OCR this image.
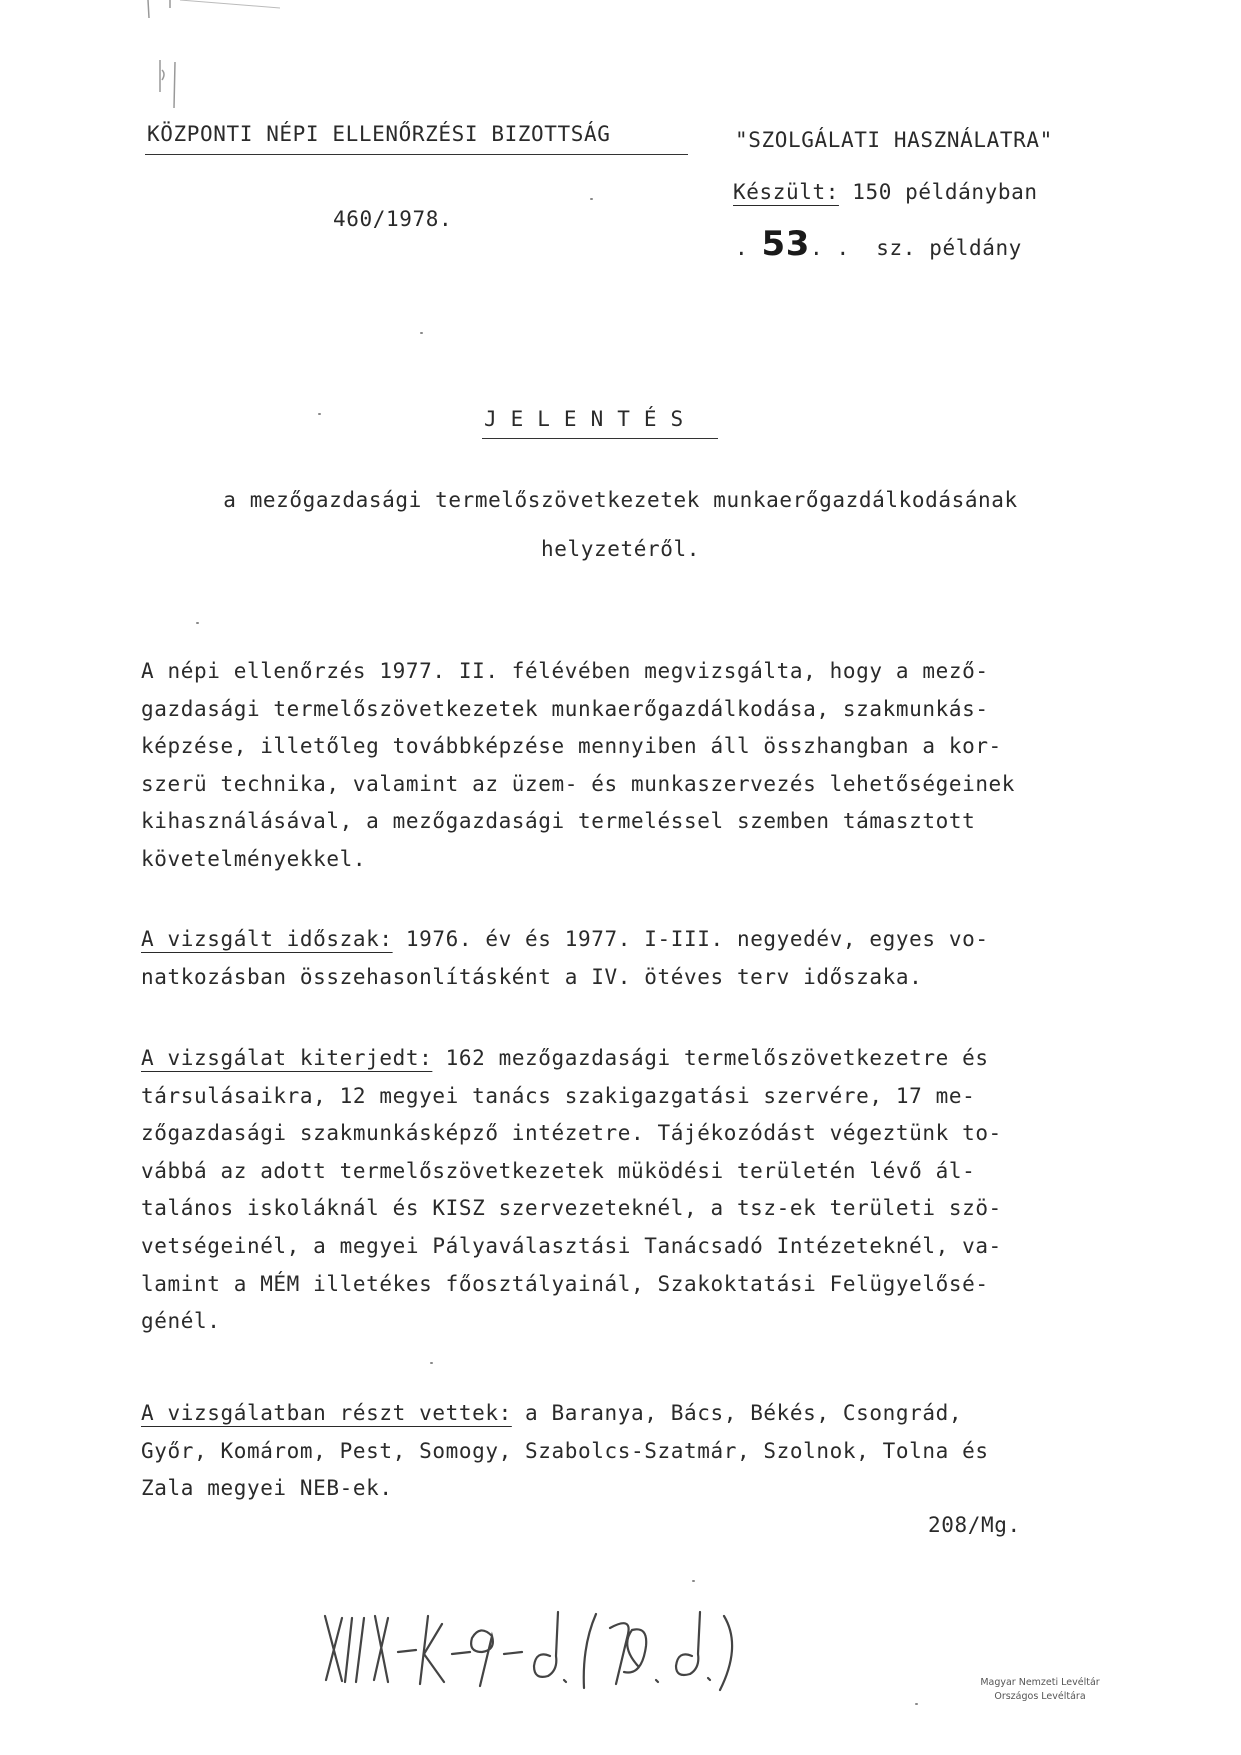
KÖZPONTI NÉPI ELLENŐRZÉSI BIZOTTSÁG
460/1978.
"SZOLGÁLATI HASZNÁLATRA"
Készült: 150 példányban
. 53. .  sz. példány
JELENTÉS
a mezőgazdasági termelőszövetkezetek munkaerőgazdálkodásának
helyzetéről.
A népi ellenőrzés 1977. II. félévében megvizsgálta, hogy a mező-
gazdasági termelőszövetkezetek munkaerőgazdálkodása, szakmunkás-
képzése, illetőleg továbbképzése mennyiben áll összhangban a kor-
szerü technika, valamint az üzem- és munkaszervezés lehetőségeinek
kihasználásával, a mezőgazdasági termeléssel szemben támasztott
követelményekkel.
A vizsgált időszak: 1976. év és 1977. I-III. negyedév, egyes vo-
natkozásban összehasonlításként a IV. ötéves terv időszaka.
A vizsgálat kiterjedt: 162 mezőgazdasági termelőszövetkezetre és
társulásaikra, 12 megyei tanács szakigazgatási szervére, 17 me-
zőgazdasági szakmunkásképző intézetre. Tájékozódást végeztünk to-
vábbá az adott termelőszövetkezetek müködési területén lévő ál-
talános iskoláknál és KISZ szervezeteknél, a tsz-ek területi szö-
vetségeinél, a megyei Pályaválasztási Tanácsadó Intézeteknél, va-
lamint a MÉM illetékes főosztályainál, Szakoktatási Felügyelősé-
génél.
A vizsgálatban részt vettek: a Baranya, Bács, Békés, Csongrád,
Győr, Komárom, Pest, Somogy, Szabolcs-Szatmár, Szolnok, Tolna és
Zala megyei NEB-ek.
208/Mg.
Magyar Nemzeti Levéltár
Országos Levéltára
